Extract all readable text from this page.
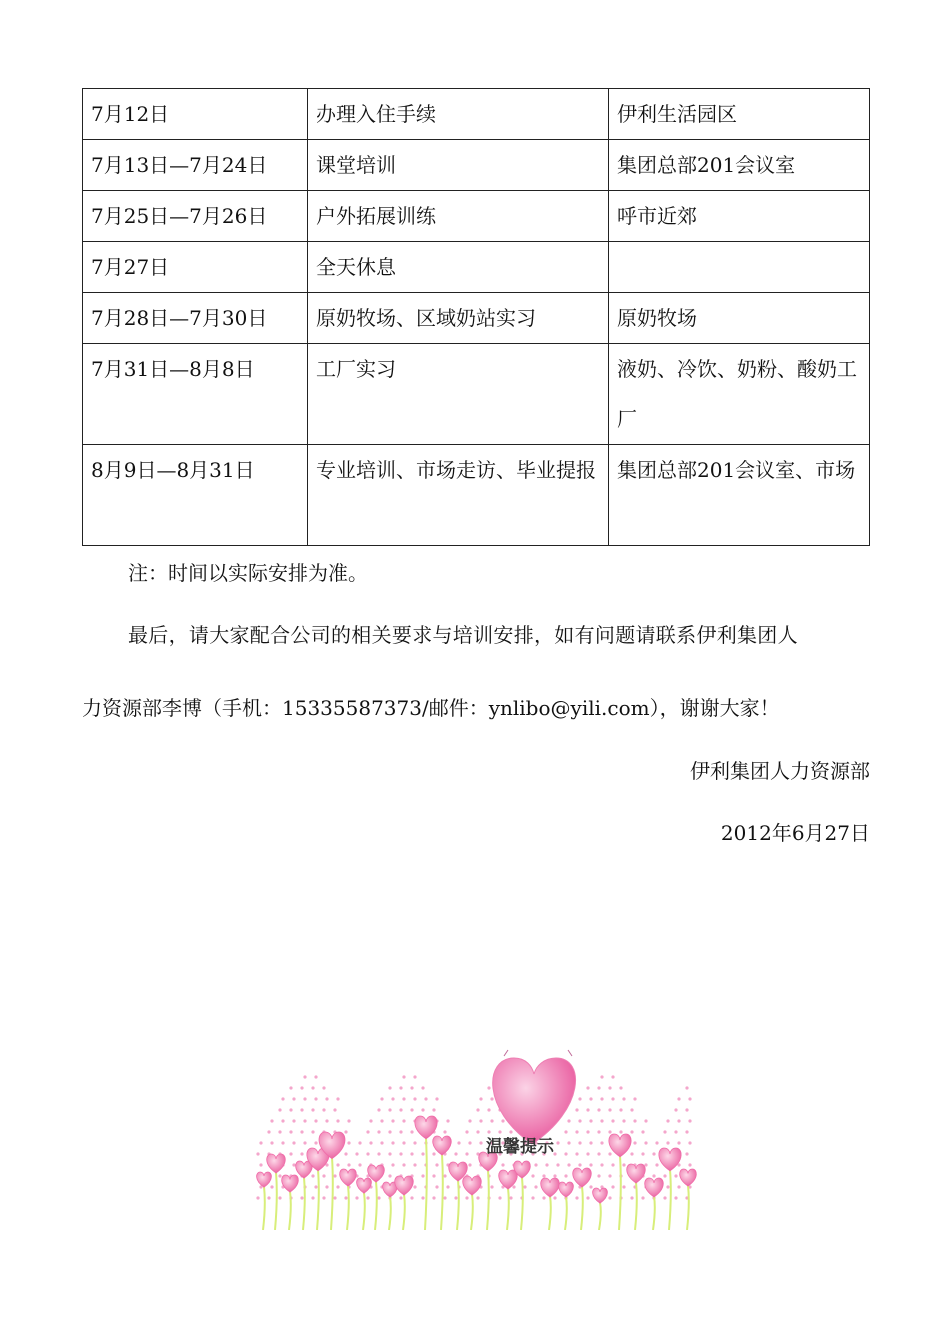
7月12日	办理入住手续	伊利生活园区
7月13日—7月24日	课堂培训	集团总部201会议室
7月25日—7月26日	户外拓展训练	呼市近郊
7月27日	全天休息	
7月28日—7月30日	原奶牧场、区域奶站实习	原奶牧场
7月31日—8月8日	工厂实习	液奶、冷饮、奶粉、酸奶工厂
8月9日—8月31日	专业培训、市场走访、毕业提报	集团总部201会议室、市场
注：时间以实际安排为准。
最后，请大家配合公司的相关要求与培训安排，如有问题请联系伊利集团人
力资源部李博（手机：15335587373/邮件：ynlibo@yili.com），谢谢大家！
伊利集团人力资源部
2012年6月27日
温馨提示
